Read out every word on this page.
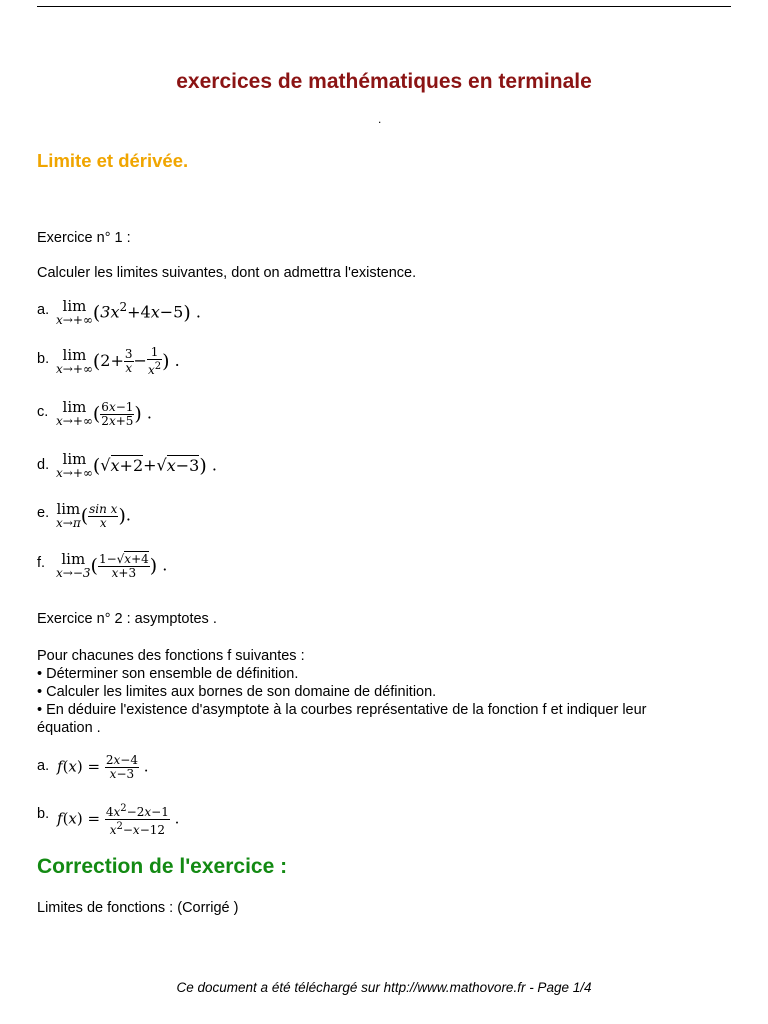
exercices de mathématiques en terminale
.
Limite et dérivée.
Exercice n° 1 :
Calculer les limites suivantes, dont on admettra l'existence.
a. lim
x→+∞ $(3x^2+4x-5)$ .
b. lim
x→+∞ ($2+ \frac{3}{x} - \frac{1}{x^2}$ ) .
c. lim
x→+∞ ( $\frac{6x-1}{2x+5}$ ) .
d. lim
x→+∞ (√x+2+√x−3) .
e. lim
x→π ( $\frac{\text{sin x}}{x}$ ).
f.	lim
x→−3 ( $\frac{1-√x+4}{x+3}$ ) .
Exercice n° 2 : asymptotes .
Pour chacunes des fonctions f suivantes :
• Déterminer son ensemble de définition.
• Calculer les limites aux bornes de son domaine de définition.
• En déduire l'existence d'asymptote à la courbes représentative de la fonction f et indiquer leur
équation .
a. $f(x) = \frac{2x-4}{x-3}$ .
b. $f(x) = \frac{4x^2-2x-1}{x^2-x-12}$ .
Correction de l'exercice :
Limites de fonctions : (Corrigé )
Ce document a été téléchargé sur http://www.mathovore.fr - Page 1/4
